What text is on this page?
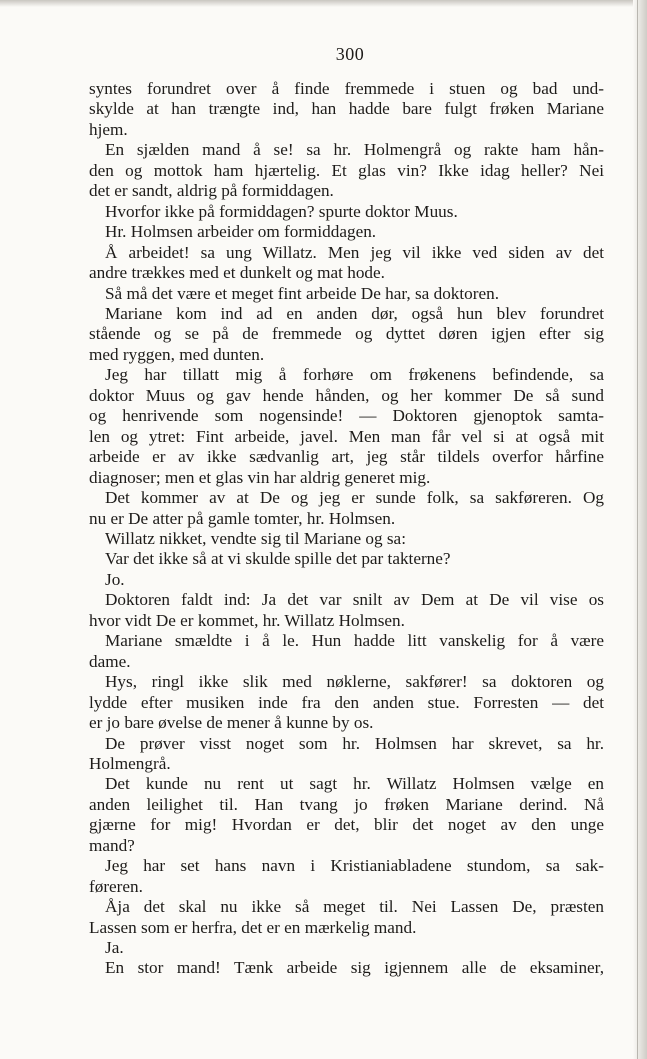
300
syntes forundret over å finde fremmede i stuen og bad und-
skylde at han trængte ind, han hadde bare fulgt frøken Mariane
hjem.
En sjælden mand å se! sa hr. Holmengrå og rakte ham hån-
den og mottok ham hjærtelig. Et glas vin? Ikke idag heller? Nei
det er sandt, aldrig på formiddagen.
Hvorfor ikke på formiddagen? spurte doktor Muus.
Hr. Holmsen arbeider om formiddagen.
Å arbeidet! sa ung Willatz. Men jeg vil ikke ved siden av det
andre trækkes med et dunkelt og mat hode.
Så må det være et meget fint arbeide De har, sa doktoren.
Mariane kom ind ad en anden dør, også hun blev forundret
stående og se på de fremmede og dyttet døren igjen efter sig
med ryggen, med dunten.
Jeg har tillatt mig å forhøre om frøkenens befindende, sa
doktor Muus og gav hende hånden, og her kommer De så sund
og henrivende som nogensinde! — Doktoren gjenoptok samta-
len og ytret: Fint arbeide, javel. Men man får vel si at også mit
arbeide er av ikke sædvanlig art, jeg står tildels overfor hårfine
diagnoser; men et glas vin har aldrig generet mig.
Det kommer av at De og jeg er sunde folk, sa sakføreren. Og
nu er De atter på gamle tomter, hr. Holmsen.
Willatz nikket, vendte sig til Mariane og sa:
Var det ikke så at vi skulde spille det par takterne?
Jo.
Doktoren faldt ind: Ja det var snilt av Dem at De vil vise os
hvor vidt De er kommet, hr. Willatz Holmsen.
Mariane smældte i å le. Hun hadde litt vanskelig for å være
dame.
Hys, ringl ikke slik med nøklerne, sakfører! sa doktoren og
lydde efter musiken inde fra den anden stue. Forresten — det
er jo bare øvelse de mener å kunne by os.
De prøver visst noget som hr. Holmsen har skrevet, sa hr.
Holmengrå.
Det kunde nu rent ut sagt hr. Willatz Holmsen vælge en
anden leilighet til. Han tvang jo frøken Mariane derind. Nå
gjærne for mig! Hvordan er det, blir det noget av den unge
mand?
Jeg har set hans navn i Kristianiabladene stundom, sa sak-
føreren.
Åja det skal nu ikke så meget til. Nei Lassen De, præsten
Lassen som er herfra, det er en mærkelig mand.
Ja.
En stor mand! Tænk arbeide sig igjennem alle de eksaminer,
